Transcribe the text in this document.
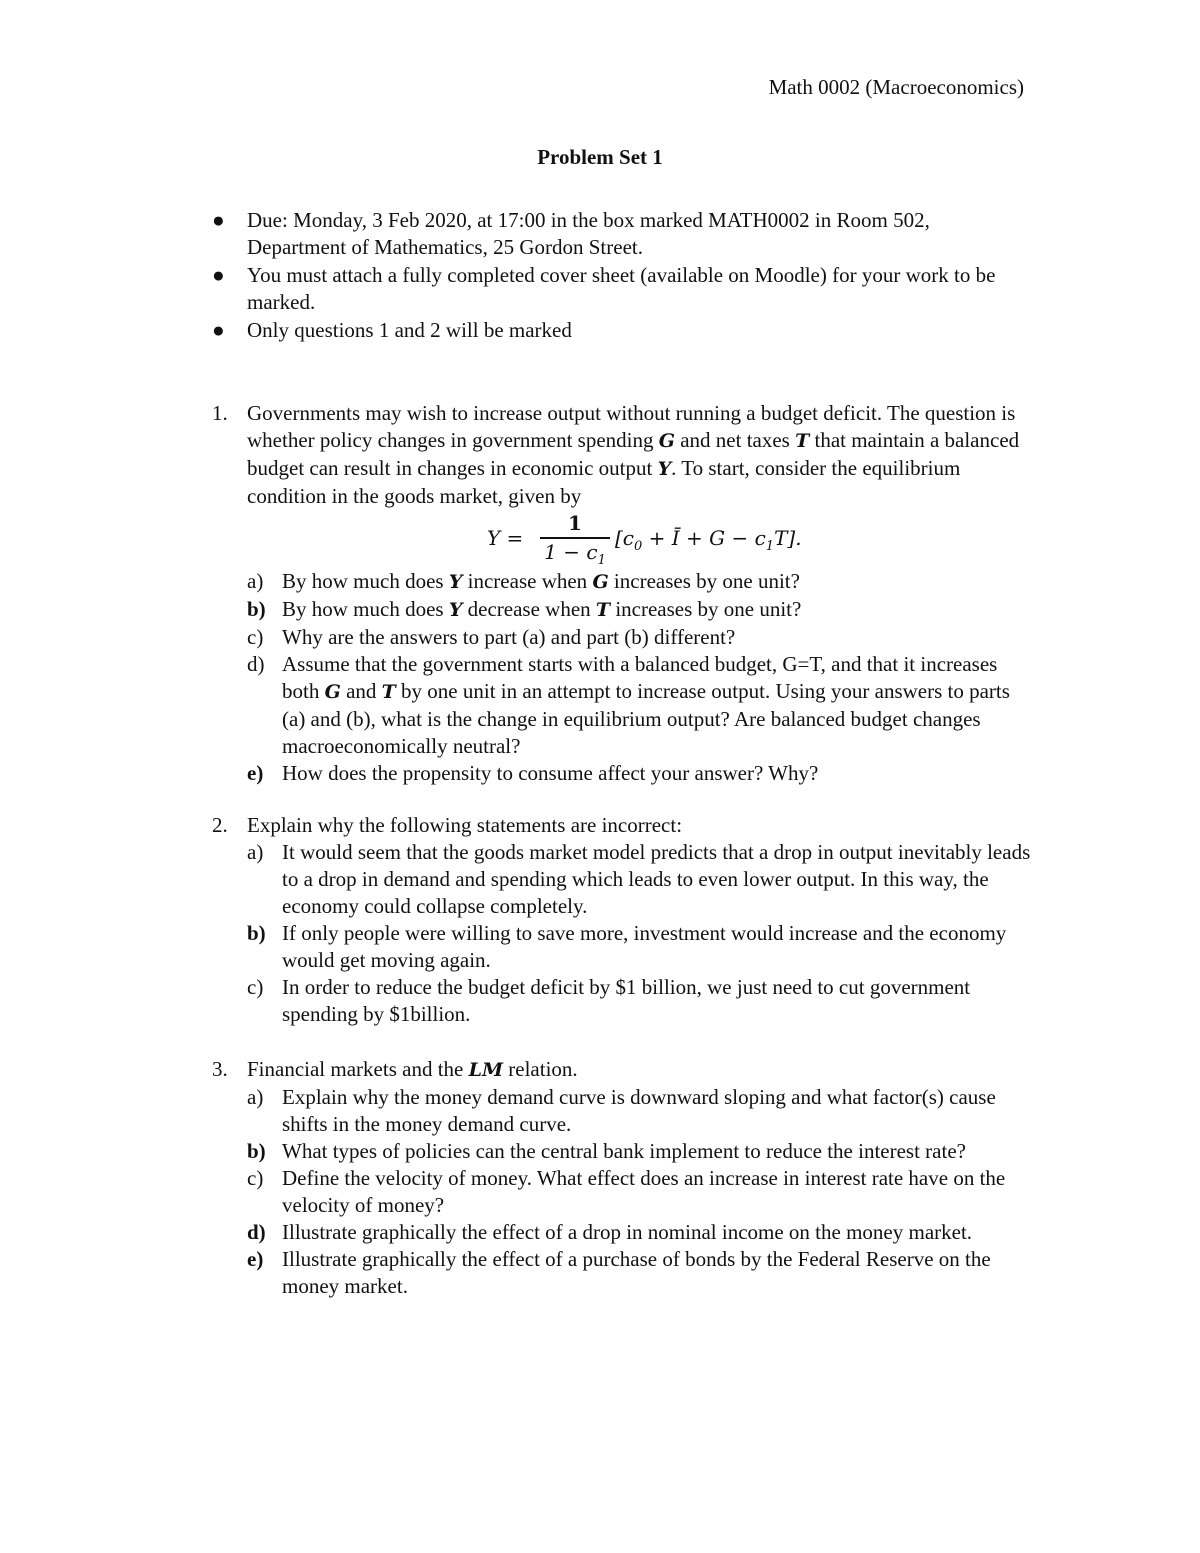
Math 0002 (Macroeconomics)
Problem Set 1
● Due: Monday, 3 Feb 2020, at 17:00 in the box marked MATH0002 in Room 502, Department of Mathematics, 25 Gordon Street.
● You must attach a fully completed cover sheet (available on Moodle) for your work to be marked.
● Only questions 1 and 2 will be marked
1. Governments may wish to increase output without running a budget deficit. The question is whether policy changes in government spending G and net taxes T that maintain a balanced budget can result in changes in economic output Y. To start, consider the equilibrium condition in the goods market, given by
Y =
1
$1 - c_1$
[$c_0$ + Ī + $G - c_1T$].
a) By how much does Y increase when G increases by one unit?
b) By how much does Y decrease when T increases by one unit?
c) Why are the answers to part (a) and part (b) different?
d) Assume that the government starts with a balanced budget, G=T, and that it increases both G and T by one unit in an attempt to increase output. Using your answers to parts (a) and (b), what is the change in equilibrium output? Are balanced budget changes macroeconomically neutral?
e) How does the propensity to consume affect your answer? Why?
2. Explain why the following statements are incorrect:
a) It would seem that the goods market model predicts that a drop in output inevitably leads to a drop in demand and spending which leads to even lower output. In this way, the economy could collapse completely.
b) If only people were willing to save more, investment would increase and the economy would get moving again.
c) In order to reduce the budget deficit by $1 billion, we just need to cut government spending by $1billion.
3. Financial markets and the LM relation.
a) Explain why the money demand curve is downward sloping and what factor(s) cause shifts in the money demand curve.
b) What types of policies can the central bank implement to reduce the interest rate?
c) Define the velocity of money. What effect does an increase in interest rate have on the velocity of money?
d) Illustrate graphically the effect of a drop in nominal income on the money market.
e) Illustrate graphically the effect of a purchase of bonds by the Federal Reserve on the money market.
